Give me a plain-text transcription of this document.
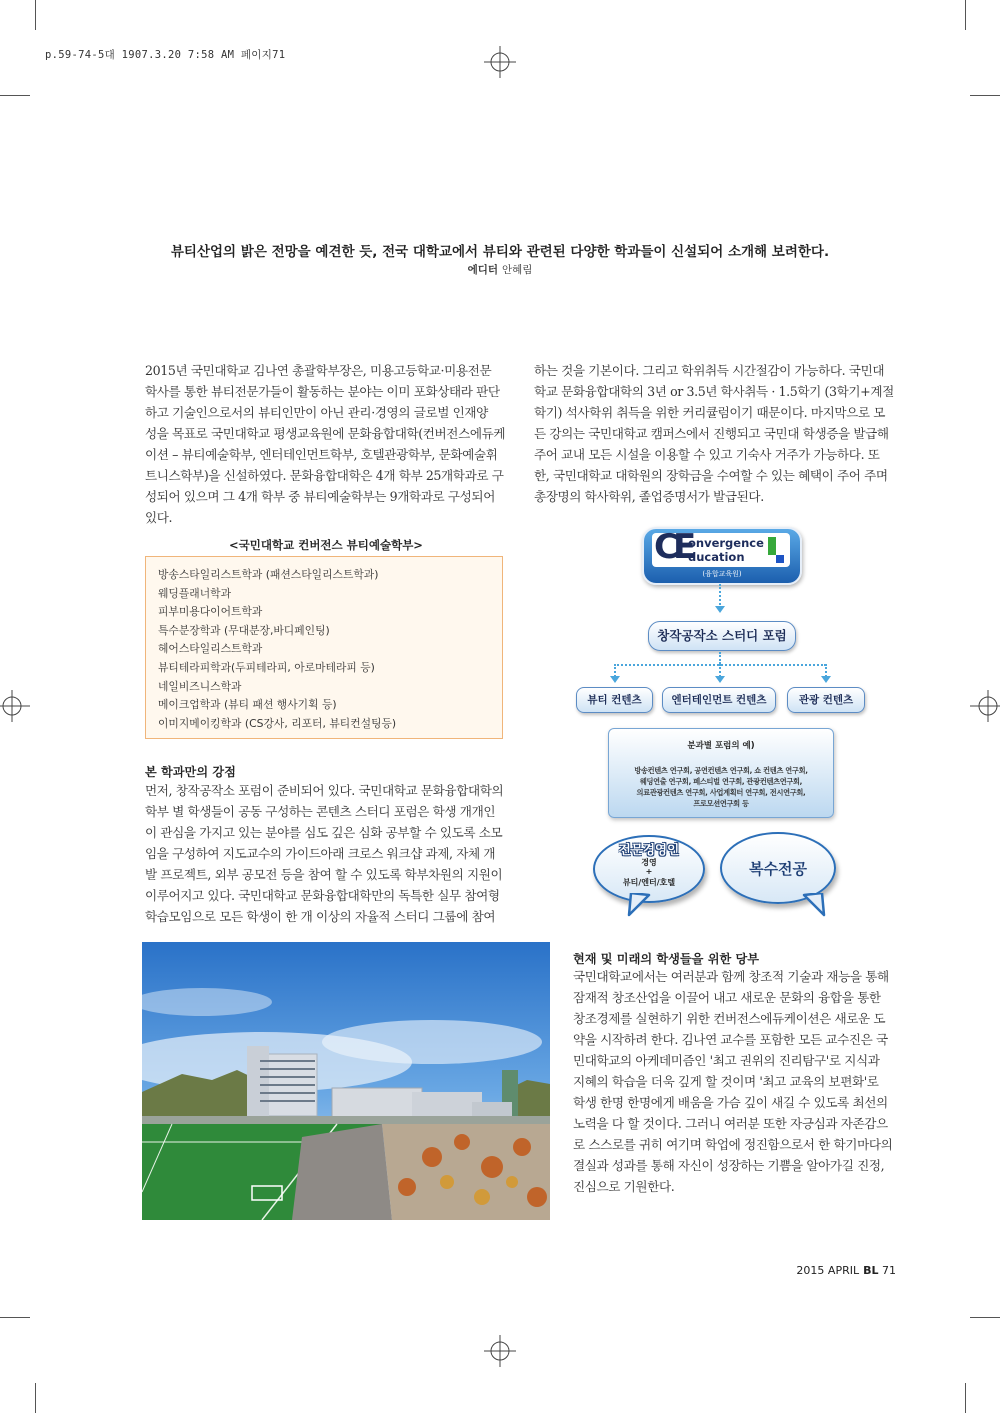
p.59-74-5대 1907.3.20 7:58 AM 페이지71
뷰티산업의 밝은 전망을 예견한 듯, 전국 대학교에서 뷰티와 관련된 다양한 학과들이 신설되어 소개해 보려한다.
에디터 안혜림
2015년 국민대학교 김나연 총괄학부장은, 미용고등학교·미용전문
학사를 통한 뷰티전문가들이 활동하는 분야는 이미 포화상태라 판단
하고 기술인으로서의 뷰티인만이 아닌 관리·경영의 글로벌 인재양
성을 목표로 국민대학교 평생교육원에 문화융합대학(컨버전스에듀케
이션 – 뷰티예술학부, 엔터테인먼트학부, 호텔관광학부, 문화예술휘
트니스학부)을 신설하였다. 문화융합대학은 4개 학부 25개학과로 구
성되어 있으며 그 4개 학부 중 뷰티예술학부는 9개학과로 구성되어
있다.
하는 것을 기본이다. 그리고 학위취득 시간절감이 가능하다. 국민대
학교 문화융합대학의 3년 or 3.5년 학사취득 · 1.5학기 (3학기+계절
학기) 석사학위 취득을 위한 커리큘럼이기 때문이다. 마지막으로 모
든 강의는 국민대학교 캠퍼스에서 진행되고 국민대 학생증을 발급해
주어 교내 모든 시설을 이용할 수 있고 기숙사 거주가 가능하다. 또
한, 국민대학교 대학원의 장학금을 수여할 수 있는 혜택이 주어 주며
총장명의 학사학위, 졸업증명서가 발급된다.
<국민대학교 컨버전스 뷰티예술학부>
방송스타일리스트학과 (패션스타일리스트학과)
웨딩플래너학과
피부미용다이어트학과
특수분장학과 (무대분장,바디페인팅)
헤어스타일리스트학과
뷰티테라피학과(두피테라피, 아로마테라피 등)
네일비즈니스학과
메이크업학과 (뷰티 패션 행사기획 등)
이미지메이킹학과 (CS강사, 리포터, 뷰티컨설팅등)
본 학과만의 강점
먼저, 창작공작소 포럼이 준비되어 있다. 국민대학교 문화융합대학의
학부 별 학생들이 공동 구성하는 콘텐츠 스터디 포럼은 학생 개개인
이 관심을 가지고 있는 분야를 심도 깊은 심화 공부할 수 있도록 소모
임을 구성하여 지도교수의 가이드아래 크로스 워크샵 과제, 자체 개
발 프로젝트, 외부 공모전 등을 참여 할 수 있도록 학부차원의 지원이
이루어지고 있다. 국민대학교 문화융합대학만의 독특한 실무 참여형
학습모임으로 모든 학생이 한 개 이상의 자율적 스터디 그룹에 참여
CE
onvergence
ducation
(융합교육원)
창작공작소 스터디 포럼
뷰티 컨텐츠	엔터테인먼트 컨텐츠	관광 컨텐츠
분과별 포럼의 예)
방송컨텐츠 연구회, 공연컨텐츠 연구회, 쇼 컨텐츠 연구회,
웨딩연출 연구회, 페스티벌 연구회, 관광컨텐츠연구회,
의료관광컨텐츠 연구회, 사업계획터 연구회, 전시연구회,
프로모션연구회 등
전문경영인
경영
+
뷰티/엔터/호텔
복수전공
현재 및 미래의 학생들을 위한 당부
국민대학교에서는 여러분과 함께 창조적 기술과 재능을 통해
잠재적 창조산업을 이끌어 내고 새로운 문화의 융합을 통한
창조경제를 실현하기 위한 컨버전스에듀케이션은 새로운 도
약을 시작하려 한다. 김나연 교수를 포함한 모든 교수진은 국
민대학교의 아케데미즘인 '최고 권위의 진리탐구'로 지식과
지혜의 학습을 더욱 깊게 할 것이며 '최고 교육의 보편화'로
학생 한명 한명에게 배움을 가슴 깊이 새길 수 있도록 최선의
노력을 다 할 것이다. 그러니 여러분 또한 자긍심과 자존감으
로 스스로를 귀히 여기며 학업에 정진함으로서 한 학기마다의
결실과 성과를 통해 자신이 성장하는 기쁨을 알아가길 진정,
진심으로 기원한다.
2015 APRIL BL 71
